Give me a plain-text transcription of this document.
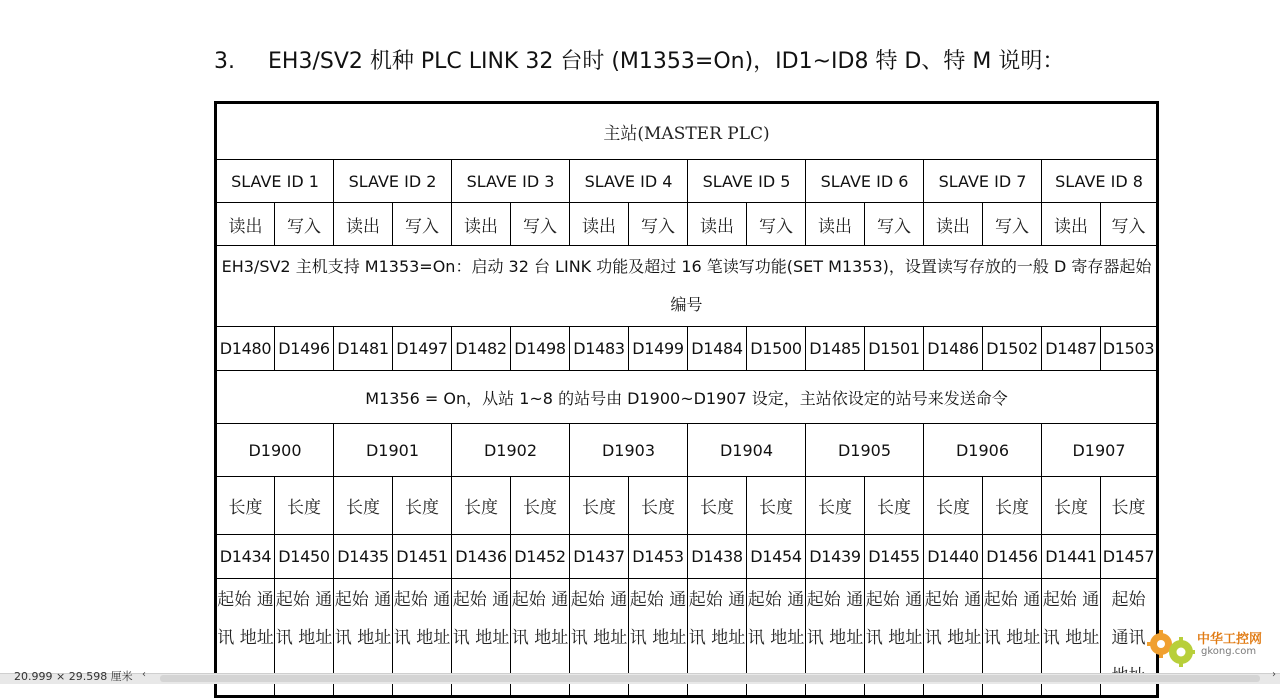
3. EH3/SV2 机种 PLC LINK 32 台时 (M1353=On)，ID1~ID8 特 D、特 M 说明：
主站(MASTER PLC)															
SLAVE ID 1		SLAVE ID 2		SLAVE ID 3		SLAVE ID 4		SLAVE ID 5		SLAVE ID 6		SLAVE ID 7		SLAVE ID 8	
读出	写入	读出	写入	读出	写入	读出	写入	读出	写入	读出	写入	读出	写入	读出	写入
EH3/SV2 主机支持 M1353=On：启动 32 台 LINK 功能及超过 16 笔读写功能(SET M1353)，设置读写存放的一般 D 寄存器起始编号															
D1480	D1496	D1481	D1497	D1482	D1498	D1483	D1499	D1484	D1500	D1485	D1501	D1486	D1502	D1487	D1503
M1356 = On，从站 1~8 的站号由 D1900~D1907 设定，主站依设定的站号来发送命令															
D1900		D1901		D1902		D1903		D1904		D1905		D1906		D1907	
长度	长度	长度	长度	长度	长度	长度	长度	长度	长度	长度	长度	长度	长度	长度	长度
D1434	D1450	D1435	D1451	D1436	D1452	D1437	D1453	D1438	D1454	D1439	D1455	D1440	D1456	D1441	D1457
起始 通讯 地址	起始 通讯 地址	起始 通讯 地址	起始 通讯 地址	起始 通讯 地址	起始 通讯 地址	起始 通讯 地址	起始 通讯 地址	起始 通讯 地址	起始 通讯 地址	起始 通讯 地址	起始 通讯 地址	起始 通讯 地址	起始 通讯 地址	起始 通讯 地址	起始 通讯
20.999 × 29.598 厘米 ‹	›
中华工控网
gkong.com
